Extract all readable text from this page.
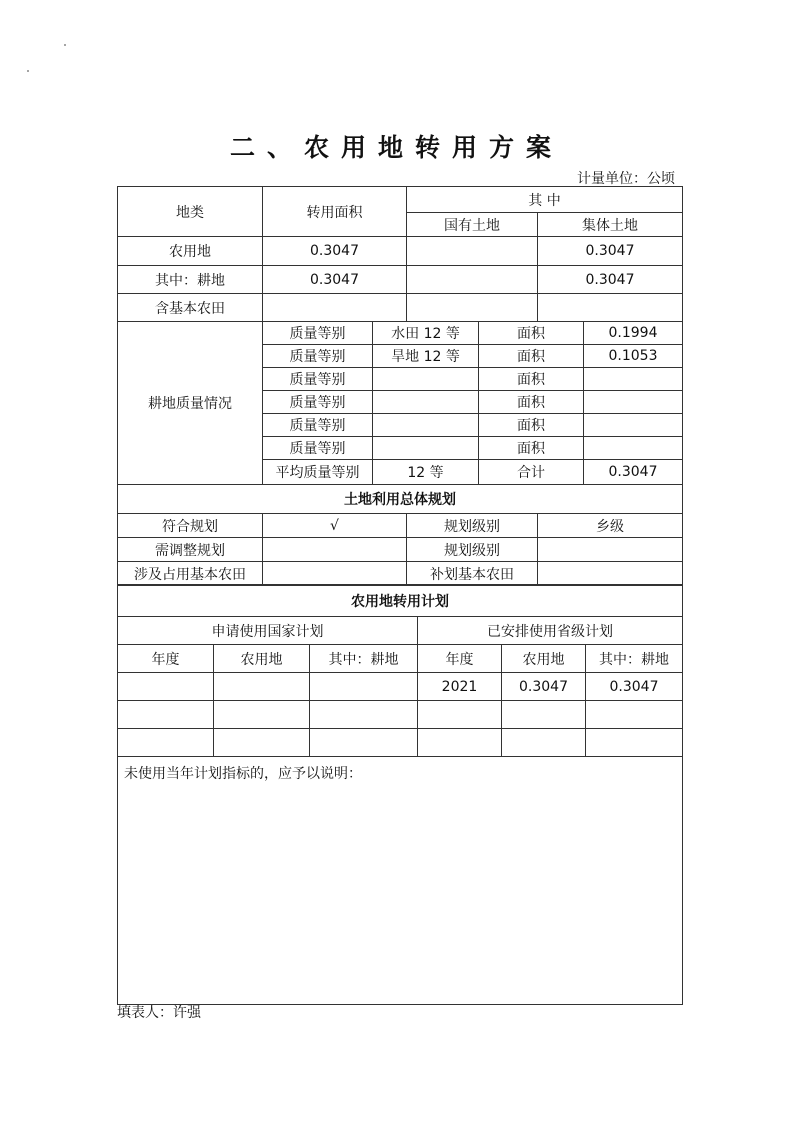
二、农用地转用方案
计量单位：公顷
地类	转用面积		其 中			
			国有土地		集体土地	
农用地	0.3047				0.3047	
其中：耕地	0.3047				0.3047	
含基本农田						
耕地质量情况	质量等别	水田 12 等		面积		0.1994
	质量等别	旱地 12 等		面积		0.1053
	质量等别			面积		
	质量等别			面积		
	质量等别			面积		
	质量等别			面积		
	平均质量等别	12 等		合计		0.3047
土地利用总体规划			
符合规划	√	规划级别	乡级
需调整规划		规划级别	
涉及占用基本农田		补划基本农田	
农用地转用计划					
申请使用国家计划			已安排使用省级计划		
年度	农用地	其中：耕地	年度	农用地	其中：耕地
			2021	0.3047	0.3047

未使用当年计划指标的，应予以说明：					
填表人：许强
